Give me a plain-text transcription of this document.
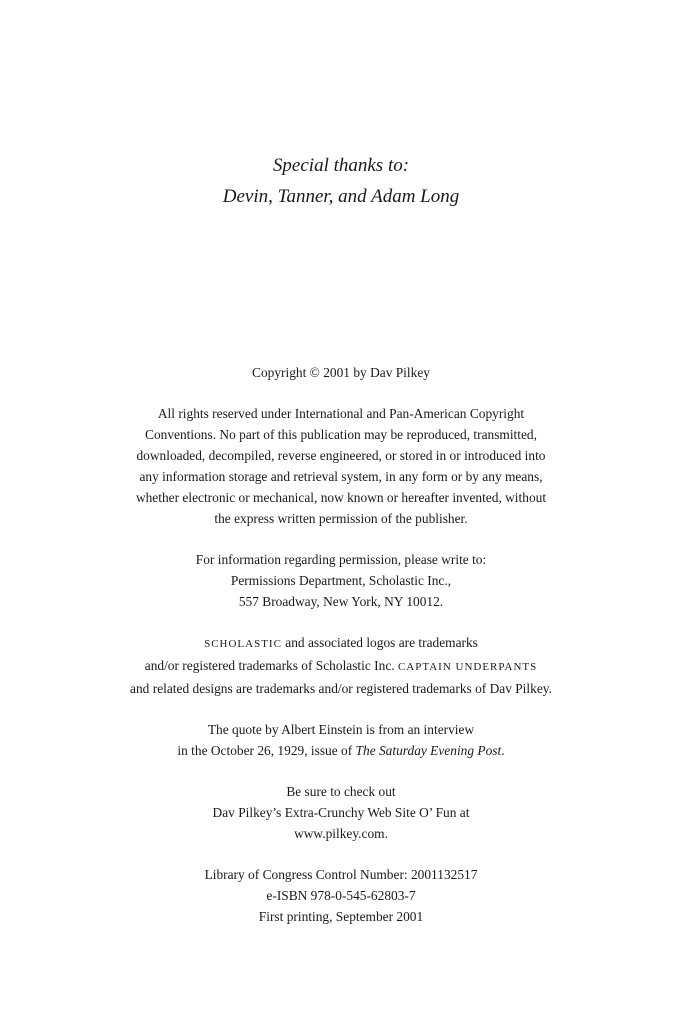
Special thanks to:
Devin, Tanner, and Adam Long
Copyright © 2001 by Dav Pilkey
All rights reserved under International and Pan-American Copyright
Conventions. No part of this publication may be reproduced, transmitted,
downloaded, decompiled, reverse engineered, or stored in or introduced into
any information storage and retrieval system, in any form or by any means,
whether electronic or mechanical, now known or hereafter invented, without
the express written permission of the publisher.
For information regarding permission, please write to:
Permissions Department, Scholastic Inc.,
557 Broadway, New York, NY 10012.
SCHOLASTIC and associated logos are trademarks
and/or registered trademarks of Scholastic Inc. CAPTAIN UNDERPANTS
and related designs are trademarks and/or registered trademarks of Dav Pilkey.
The quote by Albert Einstein is from an interview
in the October 26, 1929, issue of The Saturday Evening Post.
Be sure to check out
Dav Pilkey’s Extra-Crunchy Web Site O’ Fun at
www.pilkey.com.
Library of Congress Control Number: 2001132517
e-ISBN 978-0-545-62803-7
First printing, September 2001
